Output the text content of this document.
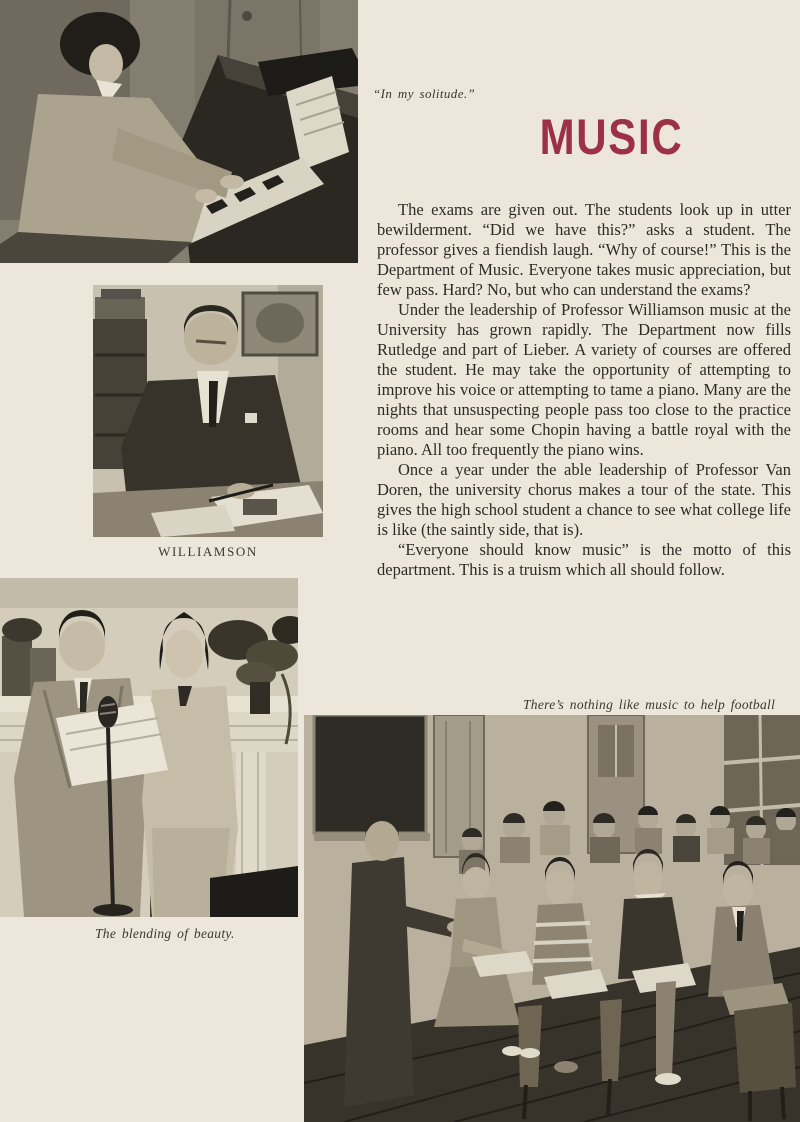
WILLIAMSON
“In my solitude.”
MUSIC

The exams are given out. The students look up in utter bewilderment. “Did we have this?” asks a student. The professor gives a fiendish laugh. “Why of course!” This is the Department of Music. Everyone takes music appreciation, but few pass. Hard? No, but who can understand the exams?

Under the leadership of Professor Williamson music at the University has grown rapidly. The Department now fills Rutledge and part of Lieber. A variety of courses are offered the student. He may take the opportunity of attempting to improve his voice or attempting to tame a piano. Many are the nights that unsuspecting people pass too close to the practice rooms and hear some Chopin having a battle royal with the piano. All too frequently the piano wins.

Once a year under the able leadership of Professor Van Doren, the university chorus makes a tour of the state. This gives the high school student a chance to see what college life is like (the saintly side, that is).

“Everyone should know music” is the motto of this department. This is a truism which all should follow.

The blending of beauty.
There’s nothing like music to help football
